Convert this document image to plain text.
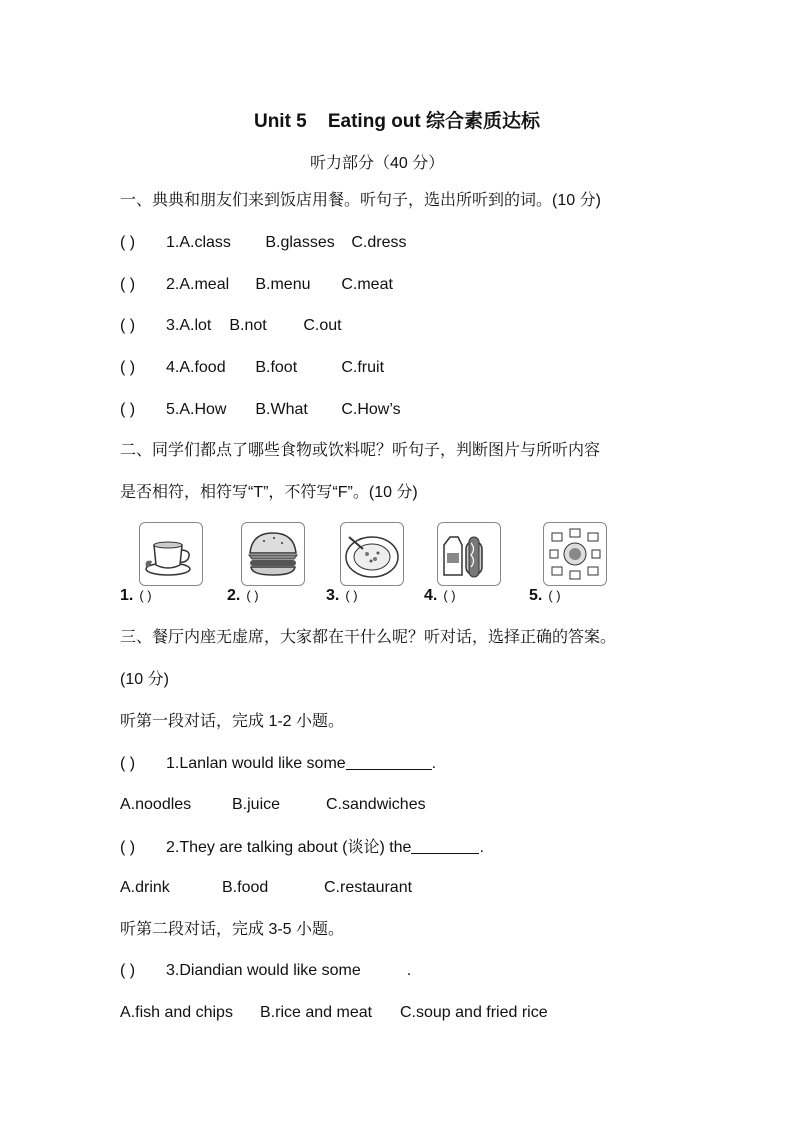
Unit 5    Eating out 综合素质达标
听力部分（40 分）
一、典典和朋友们来到饭店用餐。听句子，选出所听到的词。(10 分)
( ) 1.A.class B.glasses C.dress
( ) 2.A.meal B.menu C.meat
( ) 3.A.lot B.not C.out
( ) 4.A.food B.foot	C.fruit
( ) 5.A.How B.What C.How’s
二、同学们都点了哪些食物或饮料呢？听句子，判断图片与所听内容
是否相符，相符写“T”，不符写“F”。(10 分)
1. ( )	2. ( )	3. ( )	4. ( )	5. ( )
三、餐厅内座无虚席，大家都在干什么呢？听对话，选择正确的答案。
(10 分)
听第一段对话，完成 1-2 小题。
( ) 1.Lanlan would like some	.
A.noodles	B.juice	C.sandwiches
( ) 2.They are talking about (谈论) the	.
A.drink	B.food	C.restaurant
听第二段对话，完成 3-5 小题。
( ) 3.Diandian would like some	.
A.fish and chips B.rice and meat C.soup and fried rice
